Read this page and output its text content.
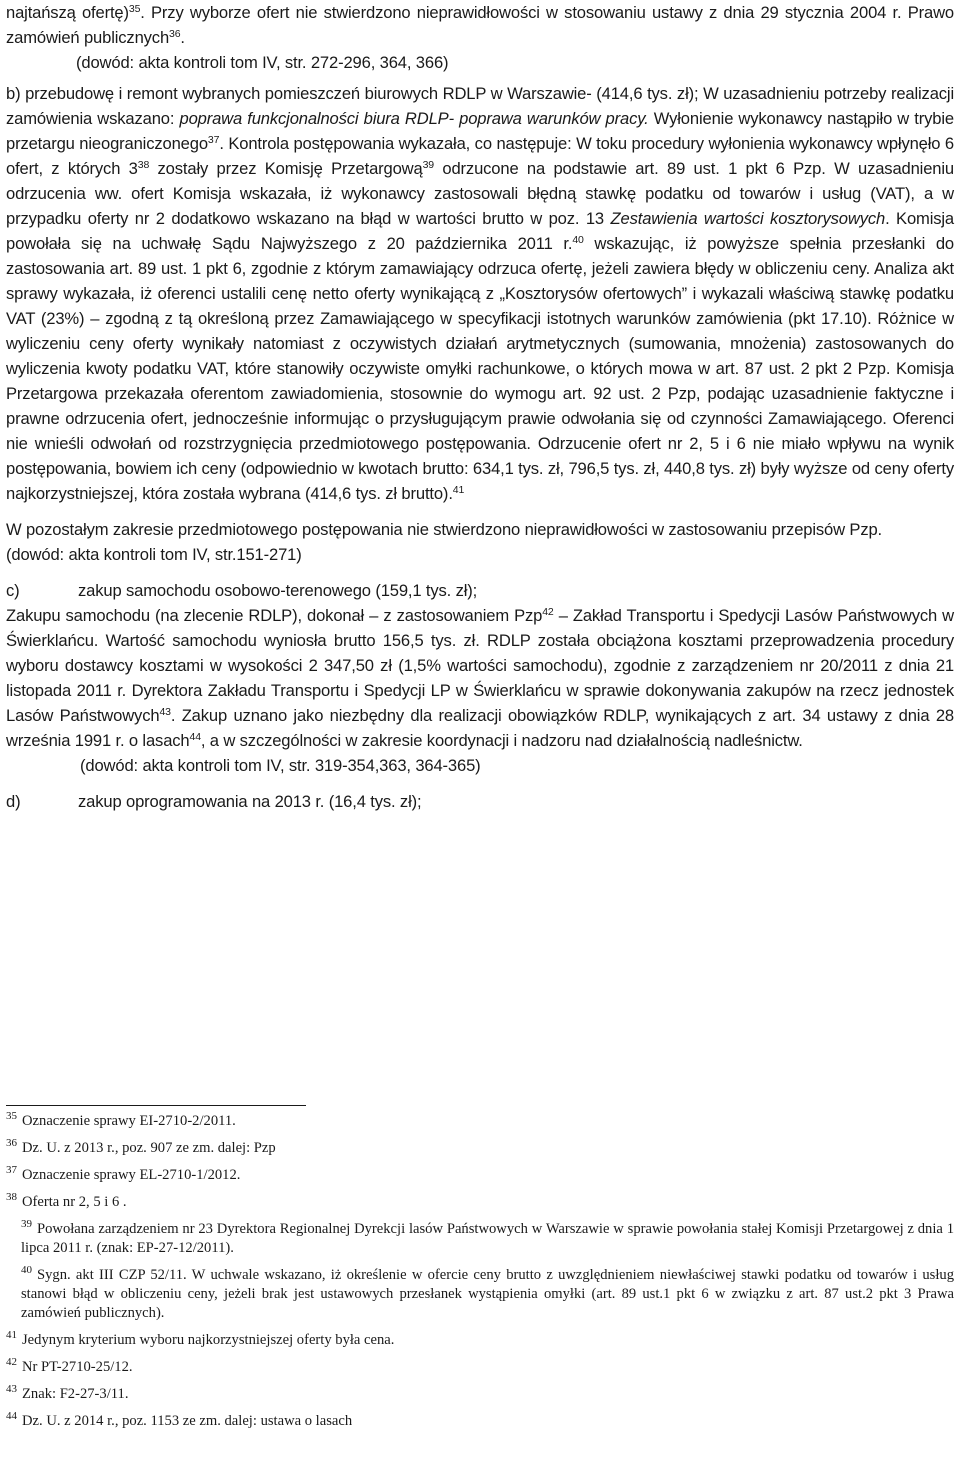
najtańszą ofertę)$^{35}$. Przy wyborze ofert nie stwierdzono nieprawidłowości w stosowaniu ustawy z dnia 29 stycznia 2004 r. Prawo zamówień publicznych$^{36}$.

(dowód: akta kontroli tom IV, str. 272-296, 364, 366)

b) przebudowę i remont wybranych pomieszczeń biurowych RDLP w Warszawie- (414,6 tys. zł); W uzasadnieniu potrzeby realizacji zamówienia wskazano: poprawa funkcjonalności biura RDLP- poprawa warunków pracy. Wyłonienie wykonawcy nastąpiło w trybie przetargu nieograniczonego$^{37}$. Kontrola postępowania wykazała, co następuje: W toku procedury wyłonienia wykonawcy wpłynęło 6 ofert, z których $3^{38}$ zostały przez Komisję Przetargową$^{39}$ odrzucone na podstawie art. 89 ust. 1 pkt 6 Pzp. W uzasadnieniu odrzucenia ww. ofert Komisja wskazała, iż wykonawcy zastosowali błędną stawkę podatku od towarów i usług (VAT), a w przypadku oferty nr 2 dodatkowo wskazano na błąd w wartości brutto w poz. 13 Zestawienia wartości kosztorysowych. Komisja powołała się na uchwałę Sądu Najwyższego z 20 października 2011 r.$^{40}$ wskazując, iż powyższe spełnia przesłanki do zastosowania art. 89 ust. 1 pkt 6, zgodnie z którym zamawiający odrzuca ofertę, jeżeli zawiera błędy w obliczeniu ceny. Analiza akt sprawy wykazała, iż oferenci ustalili cenę netto oferty wynikającą z „Kosztorysów ofertowych” i wykazali właściwą stawkę podatku VAT (23%) – zgodną z tą określoną przez Zamawiającego w specyfikacji istotnych warunków zamówienia (pkt 17.10). Różnice w wyliczeniu ceny oferty wynikały natomiast z oczywistych działań arytmetycznych (sumowania, mnożenia) zastosowanych do wyliczenia kwoty podatku VAT, które stanowiły oczywiste omyłki rachunkowe, o których mowa w art. 87 ust. 2 pkt 2 Pzp. Komisja Przetargowa przekazała oferentom zawiadomienia, stosownie do wymogu art. 92 ust. 2 Pzp, podając uzasadnienie faktyczne i prawne odrzucenia ofert, jednocześnie informując o przysługującym prawie odwołania się od czynności Zamawiającego. Oferenci nie wnieśli odwołań od rozstrzygnięcia przedmiotowego postępowania. Odrzucenie ofert nr 2, 5 i 6 nie miało wpływu na wynik postępowania, bowiem ich ceny (odpowiednio w kwotach brutto: 634,1 tys. zł, 796,5 tys. zł, 440,8 tys. zł) były wyższe od ceny oferty najkorzystniejszej, która została wybrana (414,6 tys. zł brutto).$^{41}$

W pozostałym zakresie przedmiotowego postępowania nie stwierdzono nieprawidłowości w zastosowaniu przepisów Pzp.

(dowód: akta kontroli tom IV, str.151-271)

c)	zakup samochodu osobowo-terenowego (159,1 tys. zł);

Zakupu samochodu (na zlecenie RDLP), dokonał – z zastosowaniem Pzp$^{42}$ – Zakład Transportu i Spedycji Lasów Państwowych w Świerklańcu. Wartość samochodu wyniosła brutto 156,5 tys. zł. RDLP została obciążona kosztami przeprowadzenia procedury wyboru dostawcy kosztami w wysokości 2 347,50 zł (1,5% wartości samochodu), zgodnie z zarządzeniem nr 20/2011 z dnia 21 listopada 2011 r. Dyrektora Zakładu Transportu i Spedycji LP w Świerklańcu w sprawie dokonywania zakupów na rzecz jednostek Lasów Państwowych$^{43}$. Zakup uznano jako niezbędny dla realizacji obowiązków RDLP, wynikających z art. 34 ustawy z dnia 28 września 1991 r. o lasach$^{44}$, a w szczególności w zakresie koordynacji i nadzoru nad działalnością nadleśnictw.

(dowód: akta kontroli tom IV, str. 319-354,363, 364-365)

d)	zakup oprogramowania na 2013 r. (16,4 tys. zł);

$^{35}$ Oznaczenie sprawy EI-2710-2/2011.

$^{36}$ Dz. U. z 2013 r., poz. 907 ze zm. dalej: Pzp

$^{37}$ Oznaczenie sprawy EL-2710-1/2012.

$^{38}$ Oferta nr 2, 5 i 6 .

$^{39}$ Powołana zarządzeniem nr 23 Dyrektora Regionalnej Dyrekcji lasów Państwowych w Warszawie w sprawie powołania stałej Komisji Przetargowej z dnia 1 lipca 2011 r. (znak: EP-27-12/2011).

$^{40}$ Sygn. akt III CZP 52/11. W uchwale wskazano, iż określenie w ofercie ceny brutto z uwzględnieniem niewłaściwej stawki podatku od towarów i usług stanowi błąd w obliczeniu ceny, jeżeli brak jest ustawowych przesłanek wystąpienia omyłki (art. 89 ust.1 pkt 6 w związku z art. 87 ust.2 pkt 3 Prawa zamówień publicznych).

$^{41}$ Jedynym kryterium wyboru najkorzystniejszej oferty była cena.

$^{42}$ Nr PT-2710-25/12.

$^{43}$ Znak: F2-27-3/11.

$^{44}$ Dz. U. z 2014 r., poz. 1153 ze zm. dalej: ustawa o lasach
